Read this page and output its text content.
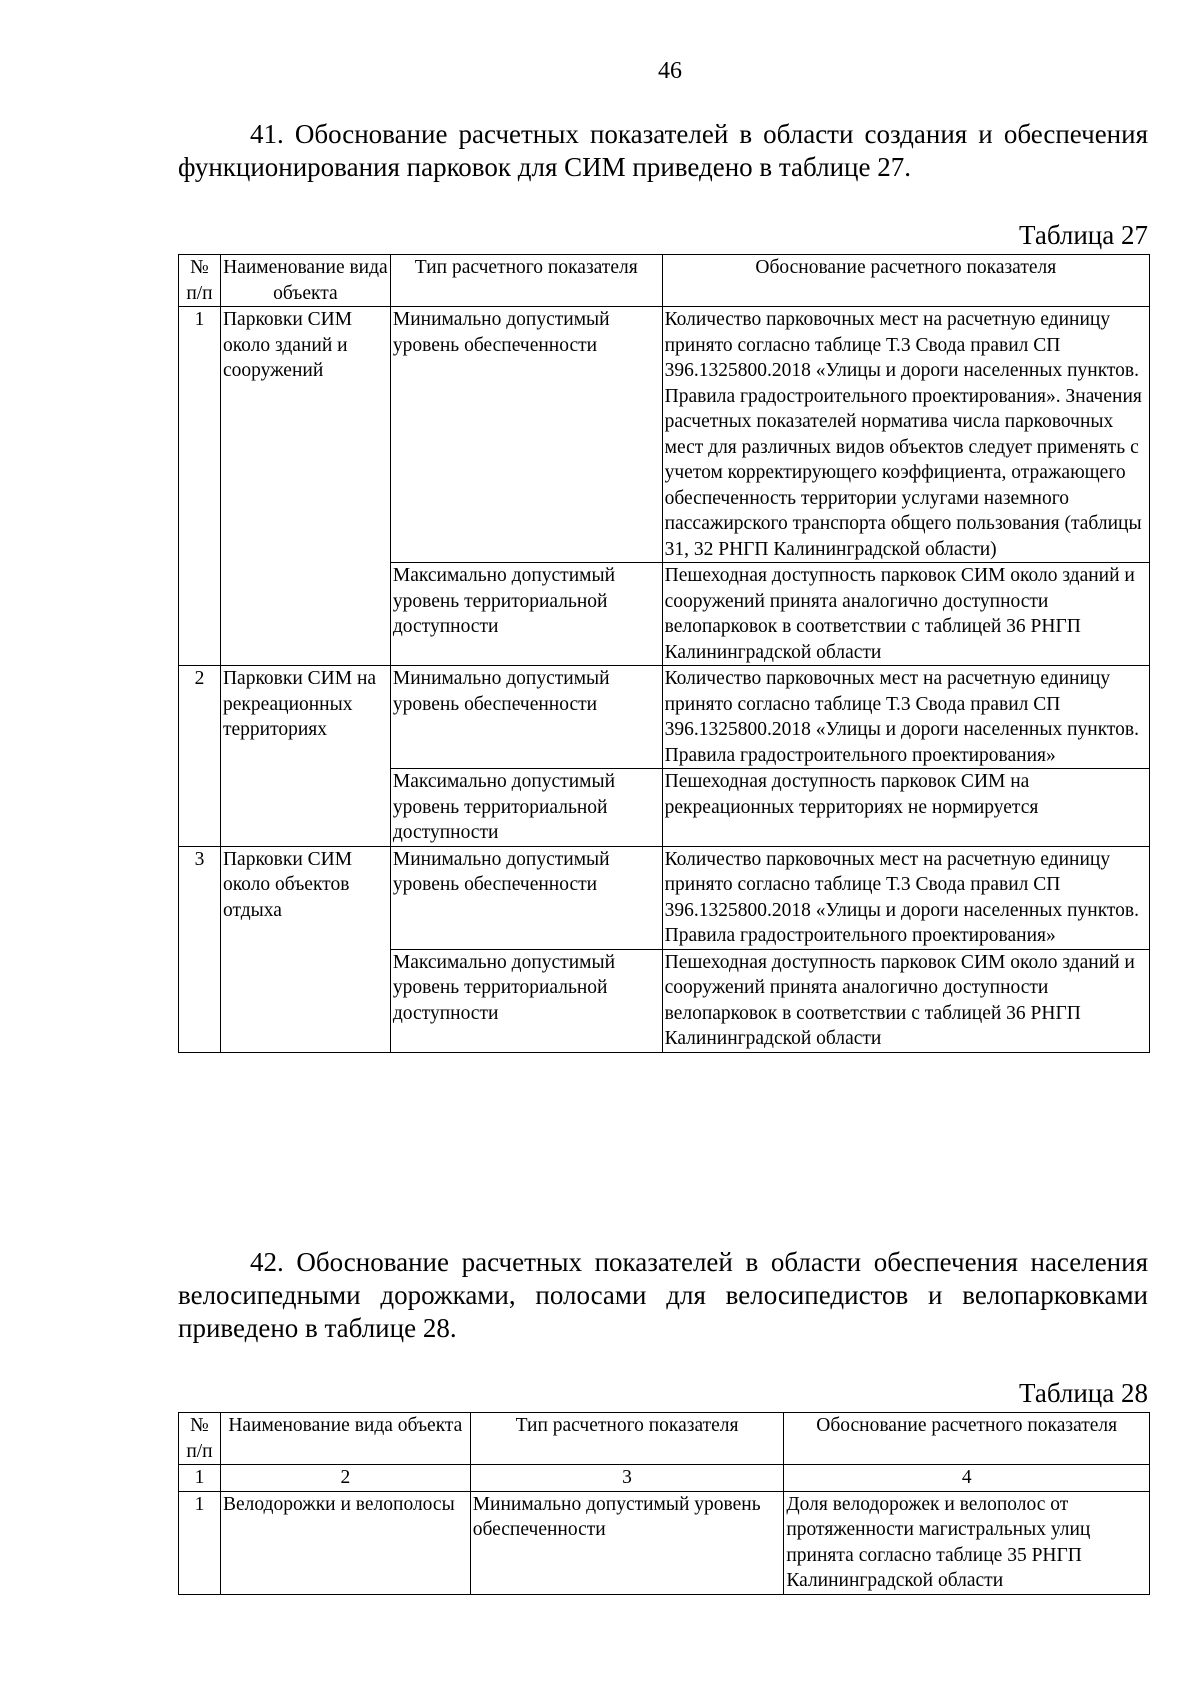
46
41. Обоснование расчетных показателей в области создания и обеспечения функционирования парковок для СИМ приведено в таблице 27.
Таблица 27
№ п/п	Наименование вида объекта	Тип расчетного показателя	Обоснование расчетного показателя
1	Парковки СИМ около зданий и сооружений	Минимально допустимый уровень обеспеченности	Количество парковочных мест на расчетную единицу принято согласно таблице Т.3 Свода правил СП 396.1325800.2018 «Улицы и дороги населенных пунктов. Правила градостроительного проектирования». Значения расчетных показателей норматива числа парковочных мест для различных видов объектов следует применять с учетом корректирующего коэффициента, отражающего обеспеченность территории услугами наземного пассажирского транспорта общего пользования (таблицы 31, 32 РНГП Калининградской области)
		Максимально допустимый уровень территориальной доступности	Пешеходная доступность парковок СИМ около зданий и сооружений принята аналогично доступности велопарковок в соответствии с таблицей 36 РНГП Калининградской области
2	Парковки СИМ на рекреационных территориях	Минимально допустимый уровень обеспеченности	Количество парковочных мест на расчетную единицу принято согласно таблице Т.3 Свода правил СП 396.1325800.2018 «Улицы и дороги населенных пунктов. Правила градостроительного проектирования»
		Максимально допустимый уровень территориальной доступности	Пешеходная доступность парковок СИМ на рекреационных территориях не нормируется
3	Парковки СИМ около объектов отдыха	Минимально допустимый уровень обеспеченности	Количество парковочных мест на расчетную единицу принято согласно таблице Т.3 Свода правил СП 396.1325800.2018 «Улицы и дороги населенных пунктов. Правила градостроительного проектирования»
		Максимально допустимый уровень территориальной доступности	Пешеходная доступность парковок СИМ около зданий и сооружений принята аналогично доступности велопарковок в соответствии с таблицей 36 РНГП Калининградской области
42. Обоснование расчетных показателей в области обеспечения населения велосипедными дорожками, полосами для велосипедистов и велопарковками приведено в таблице 28.
Таблица 28
№ п/п	Наименование вида объекта	Тип расчетного показателя	Обоснование расчетного показателя
1	2	3	4
1	Велодорожки и велополосы	Минимально допустимый уровень обеспеченности	Доля велодорожек и велополос от протяженности магистральных улиц принята согласно таблице 35 РНГП Калининградской области
